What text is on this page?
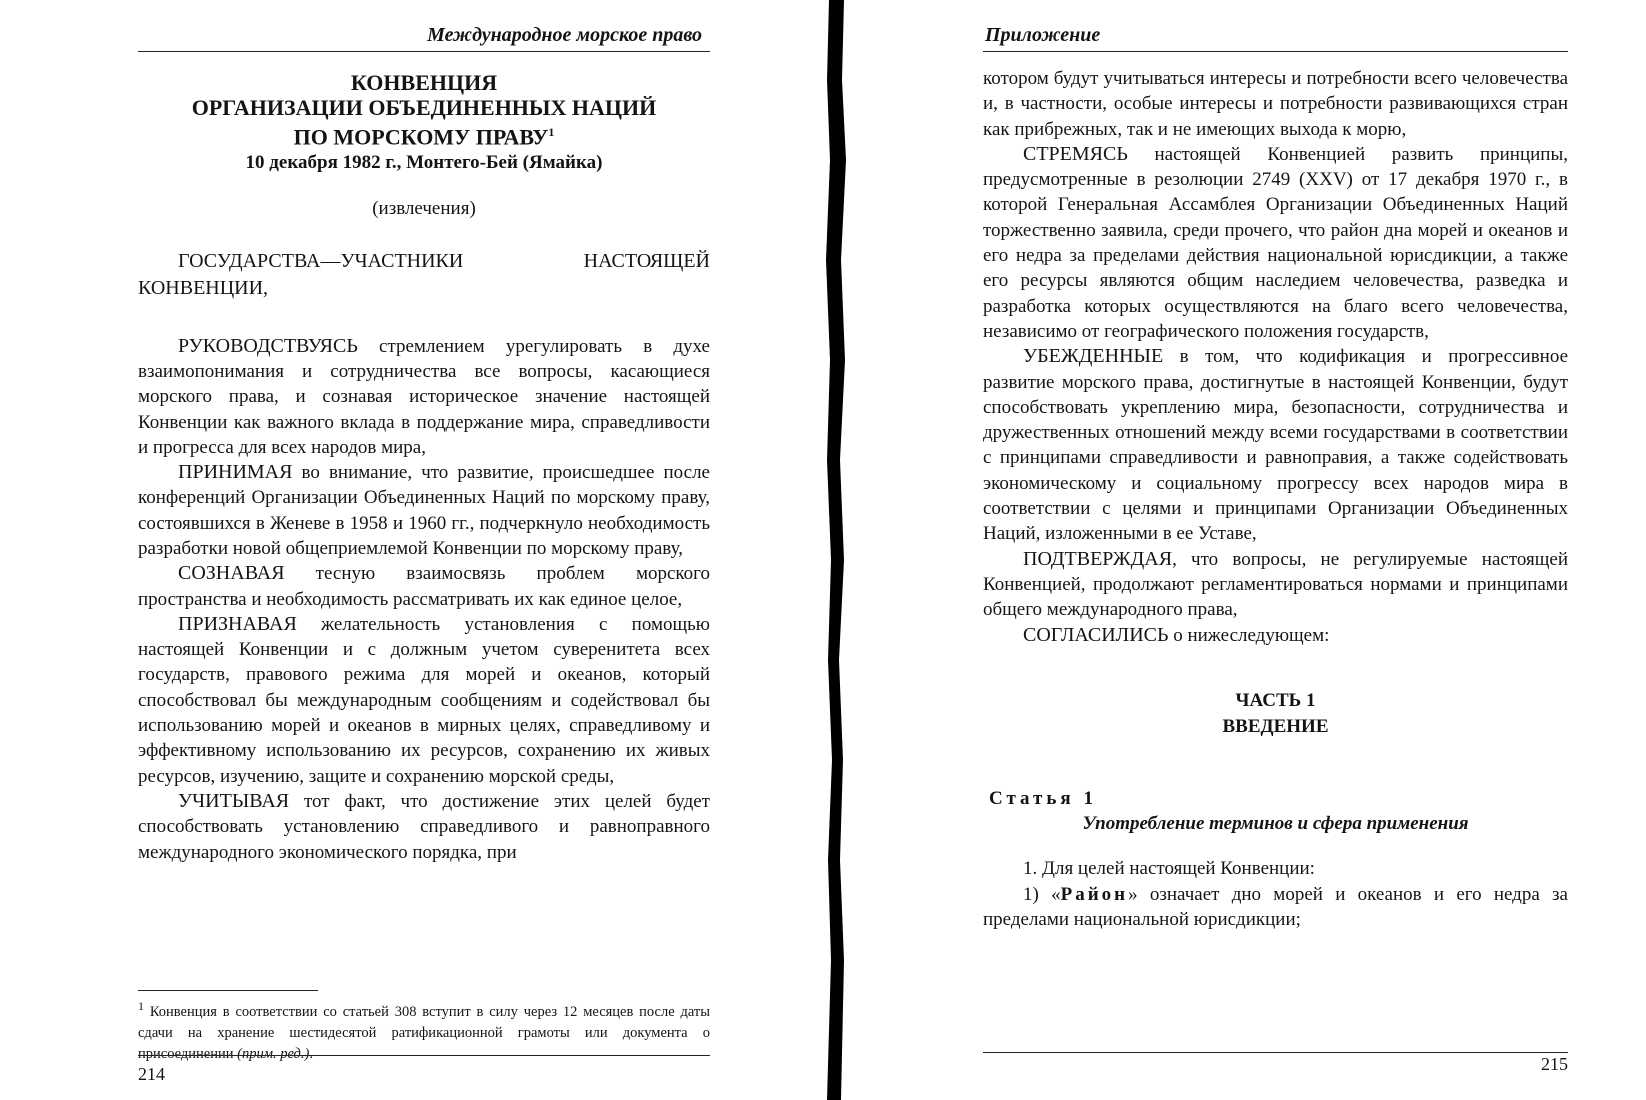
Международное морское право

КОНВЕНЦИЯ

ОРГАНИЗАЦИИ ОБЪЕДИНЕННЫХ НАЦИЙ

ПО МОРСКОМУ ПРАВУ$^1$

10 декабря 1982 г., Монтего-Бей (Ямайка)

(извлечения)

ГОСУДАРСТВА—УЧАСТНИКИ НАСТОЯЩЕЙ КОНВЕНЦИИ,

РУКОВОДСТВУЯСЬ стремлением урегулировать в духе взаимопонимания и сотрудничества все вопросы, касающиеся морского права, и сознавая историческое значение настоящей Конвенции как важного вклада в поддержание мира, справедливости и прогресса для всех народов мира,

ПРИНИМАЯ во внимание, что развитие, происшедшее после конференций Организации Объединенных Наций по морскому праву, состоявшихся в Женеве в 1958 и 1960 гг., подчеркнуло необходимость разработки новой общеприемлемой Конвенции по морскому праву,

СОЗНАВАЯ тесную взаимосвязь проблем морского пространства и необходимость рассматривать их как единое целое,

ПРИЗНАВАЯ желательность установления с помощью настоящей Конвенции и с должным учетом суверенитета всех государств, правового режима для морей и океанов, который способствовал бы международным сообщениям и содействовал бы использованию морей и океанов в мирных целях, справедливому и эффективному использованию их ресурсов, сохранению их живых ресурсов, изучению, защите и сохранению морской среды,

УЧИТЫВАЯ тот факт, что достижение этих целей будет способствовать установлению справедливого и равноправного международного экономического порядка, при

$^1$ Конвенция в соответствии со статьей 308 вступит в силу через 12 месяцев после даты сдачи на хранение шестидесятой ратификационной грамоты или документа о присоединении (прим. ред.).
214
Приложение

котором будут учитываться интересы и потребности всего человечества и, в частности, особые интересы и потребности развивающихся стран как прибрежных, так и не имеющих выхода к морю,

СТРЕМЯСЬ настоящей Конвенцией развить принципы, предусмотренные в резолюции 2749 (XXV) от 17 декабря 1970 г., в которой Генеральная Ассамблея Организации Объединенных Наций торжественно заявила, среди прочего, что район дна морей и океанов и его недра за пределами действия национальной юрисдикции, а также его ресурсы являются общим наследием человечества, разведка и разработка которых осуществляются на благо всего человечества, независимо от географического положения государств,

УБЕЖДЕННЫЕ в том, что кодификация и прогрессивное развитие морского права, достигнутые в настоящей Конвенции, будут способствовать укреплению мира, безопасности, сотрудничества и дружественных отношений между всеми государствами в соответствии с принципами справедливости и равноправия, а также содействовать экономическому и социальному прогрессу всех народов мира в соответствии с целями и принципами Организации Объединенных Наций, изложенными в ее Уставе,

ПОДТВЕРЖДАЯ, что вопросы, не регулируемые настоящей Конвенцией, продолжают регламентироваться нормами и принципами общего международного права,

СОГЛАСИЛИСЬ о нижеследующем:

ЧАСТЬ 1
ВВЕДЕНИЕ

Статья 1

Употребление терминов и сфера применения

1. Для целей настоящей Конвенции:

1) «Район» означает дно морей и океанов и его недра за пределами национальной юрисдикции;

215
